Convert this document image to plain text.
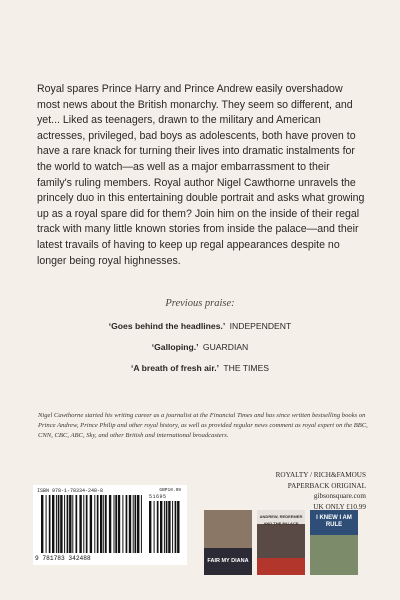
Royal spares Prince Harry and Prince Andrew easily overshadow most news about the British monarchy. They seem so different, and yet... Liked as teenagers, drawn to the military and American actresses, privileged, bad boys as adolescents, both have proven to have a rare knack for turning their lives into dramatic instalments for the world to watch—as well as a major embarrassment to their family's ruling members. Royal author Nigel Cawthorne unravels the princely duo in this entertaining double portrait and asks what growing up as a royal spare did for them? Join him on the inside of their regal track with many little known stories from inside the palace—and their latest travails of having to keep up regal appearances despite no longer being royal highnesses.

Previous praise:

‘Goes behind the headlines.’ INDEPENDENT

‘Galloping.’ GUARDIAN

‘A breath of fresh air.’ THE TIMES

Nigel Cawthorne started his writing career as a journalist at the Financial Times and has since written bestselling books on Prince Andrew, Prince Philip and other royal history, as well as provided regular news comment as royal expert on the BBC, CNN, CBC, ABC, Sky, and other British and international broadcasters.

ROYALTY / RICH&FAMOUS
PAPERBACK ORIGINAL
gibsonsquare.com
UK ONLY £10.99
ISBN 978-1-78334-248-8	GBP10.99
51695
9 781783 342488	FAIR MY DIANA
ANDREW, REDEEMER AND THE PALACE
I KNEW I AM RULE
